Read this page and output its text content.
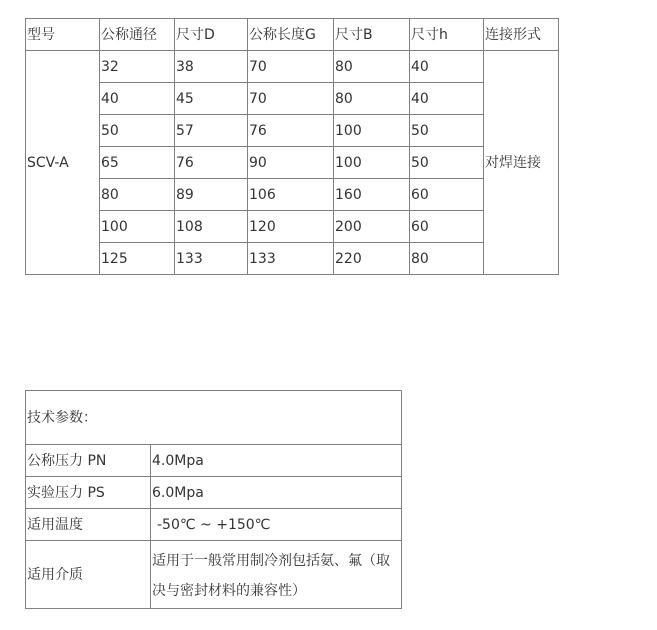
型号	公称通径	尺寸D	公称长度G	尺寸B	尺寸h	连接形式
SCV-A	32	38	70	80	40	对焊连接
	40	45	70	80	40	
	50	57	76	100	50	
	65	76	90	100	50	
	80	89	106	160	60	
	100	108	120	200	60	
	125	133	133	220	80	
技术参数：	
公称压力 PN	4.0Mpa
实验压力 PS	6.0Mpa
适用温度	-50℃ ~ +150℃
适用介质	适用于一般常用制冷剂包括氨、氟（取决与密封材料的兼容性）
